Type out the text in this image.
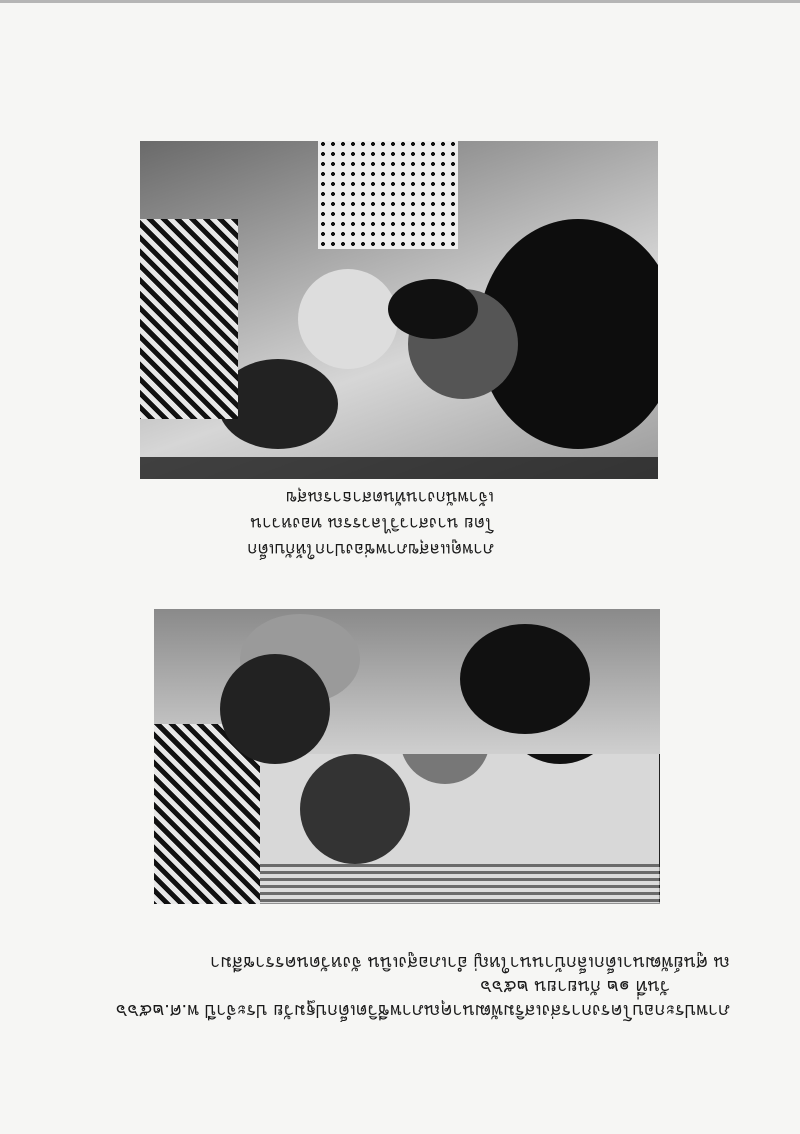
ภาพประกอบโครงการส่งเสริมพัฒนาคุณภาพชีวิตเด็กปฐมวัย ประจำปี พ.ศ.๒๕๖๖

วันที่ ๑๒ กันยายน ๒๕๖๖

ณ ศูนย์พัฒนาเด็กเล็กบ้านนาใหญ่ อำเภอสูงเนิน จังหวัดนครราชสีมา

ภาพดูแลสุขภาพช่องปากให้กับเด็ก

โดย นางสาววิไลวรรณ ทองหวาน

เจ้าพนักงานทันตสาธารณสุข
